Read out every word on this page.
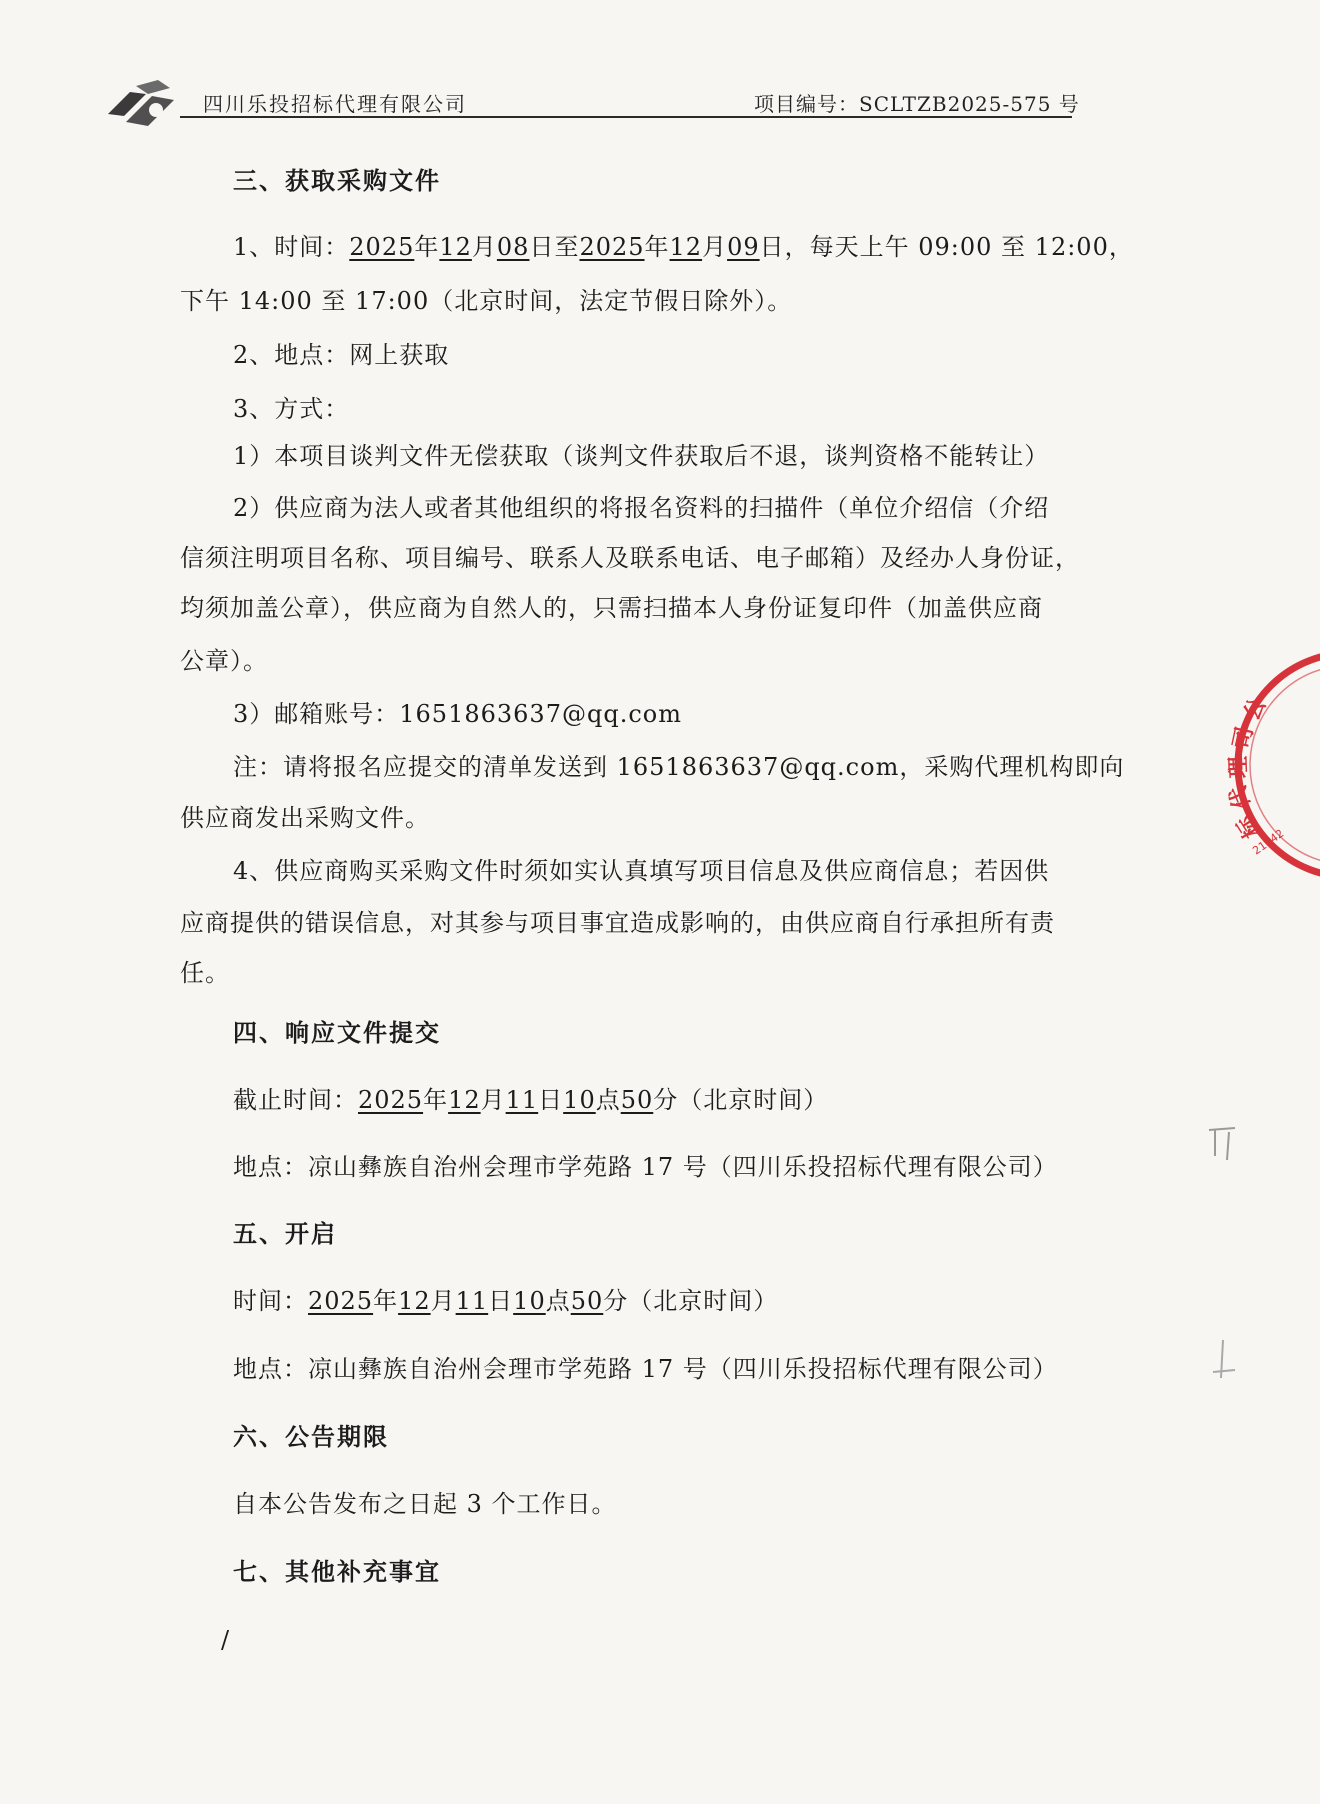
四川乐投招标代理有限公司	项目编号：SCLTZB2025-575 号
三、获取采购文件
1、时间：2025年12月08日至2025年12月09日，每天上午 09:00 至 12:00，
下午 14:00 至 17:00（北京时间，法定节假日除外）。
2、地点：网上获取
3、方式：
1）本项目谈判文件无偿获取（谈判文件获取后不退，谈判资格不能转让）
2）供应商为法人或者其他组织的将报名资料的扫描件（单位介绍信（介绍
信须注明项目名称、项目编号、联系人及联系电话、电子邮箱）及经办人身份证，
均须加盖公章），供应商为自然人的，只需扫描本人身份证复印件（加盖供应商
公章）。
3）邮箱账号：1651863637@qq.com
注：请将报名应提交的清单发送到 1651863637@qq.com，采购代理机构即向
供应商发出采购文件。
4、供应商购买采购文件时须如实认真填写项目信息及供应商信息；若因供
应商提供的错误信息，对其参与项目事宜造成影响的，由供应商自行承担所有责
任。
四、响应文件提交
截止时间：2025年12月11日10点50分（北京时间）
地点：凉山彝族自治州会理市学苑路 17 号（四川乐投招标代理有限公司）
五、开启
时间：2025年12月11日10点50分（北京时间）
地点：凉山彝族自治州会理市学苑路 17 号（四川乐投招标代理有限公司）
六、公告期限
自本公告发布之日起 3 个工作日。
七、其他补充事宜
/
公
司
理
代
标
21842
